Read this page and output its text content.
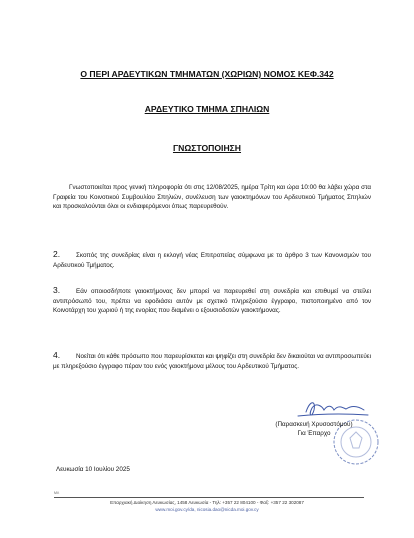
Ο ΠΕΡΙ ΑΡΔΕΥΤΙΚΩΝ ΤΜΗΜΑΤΩΝ (ΧΩΡΙΩΝ) ΝΟΜΟΣ ΚΕΦ.342
ΑΡΔΕΥΤΙΚΟ ΤΜΗΜΑ ΣΠΗΛΙΩΝ
ΓΝΩΣΤΟΠΟΙΗΣΗ
Γνωστοποιείται προς γενική πληροφορία ότι στις 12/08/2025, ημέρα Τρίτη και ώρα 10:00 θα λάβει χώρα στα Γραφεία του Κοινοτικού Συμβουλίου Σπηλιών, συνέλευση των γαιοκτημόνων του Αρδευτικού Τμήματος Σπηλιών και προσκαλούνται όλοι οι ενδιαφερόμενοι όπως παρευρεθούν.
2.	Σκοπός της συνεδρίας είναι η εκλογή νέας Επιτροπείας σύμφωνα με το άρθρο 3 των Κανονισμών του Αρδευτικού Τμήματος.
3.	Εάν οποιοσδήποτε γαιοκτήμονας δεν μπορεί να παρευρεθεί στη συνεδρία και επιθυμεί να στείλει αντιπρόσωπό του, πρέπει να εφοδιάσει αυτόν με σχετικό πληρεξούσιο έγγραφο, πιστοποιημένο από τον Κοινοτάρχη του χωριού ή της ενορίας που διαμένει ο εξουσιοδοτών γαιοκτήμονας.
4.	Νοείται ότι κάθε πρόσωπο που παρευρίσκεται και ψηφίζει στη συνεδρία δεν δικαιούται να αντιπροσωπεύει με πληρεξούσιο έγγραφο πέραν του ενός γαιοκτήμονα μέλους του Αρδευτικού Τμήματος.
(Παρασκευή Χρυσοστόμου)
Για Έπαρχο
Λευκωσία 10 Ιουλίου 2025
ΜΛ
Επαρχιακή Διοίκηση Λευκωσίας, 1458 Λευκωσία - Τηλ: +357 22 804100 - Φαξ: +357 22 302087
www.moi.gov.cy/da, nicosia.dao@nicda.moi.gov.cy
